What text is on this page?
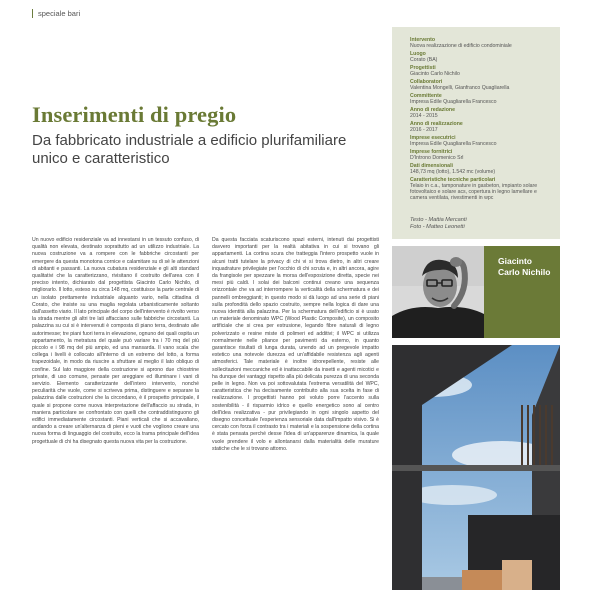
speciale bari
Inserimenti di pregio
Da fabbricato industriale a edificio plurifamiliare unico e caratteristico

Un nuovo edificio residenziale va ad innestarsi in un tessuto confuso, di qualità non elevata, destinato soprattutto ad un utilizzo industriale. La nuova costruzione va a rompere con le fabbriche circostanti per emergere da questa monotona cornice e calamitare su di sé le attenzioni di abitanti e passanti. La nuova cubatura residenziale e gli alti standard qualitativi che la caratterizzano, rivisitano il costruito dell'area con il preciso intento, dichiarato dal progettista Giacinto Carlo Nichilo, di migliorarlo. Il lotto, esteso su circa 148 mq, costituisce la parte centrale di un isolato prettamente industriale alquanto vario, nella cittadina di Corato, che insiste su una maglia regolata urbanisticamente soltanto dall'assetto viario. Il lato principale del corpo dell'intervento è rivolto verso la strada mentre gli altri tre lati affacciano sulle fabbriche circostanti. La palazzina su cui si è intervenuti è composta di piano terra, destinato alle autorimesse; tre piani fuori terra in elevazione, ognuno dei quali ospita un appartamento, la metratura del quale può variare tra i 70 mq del più piccolo e i 98 mq del più ampio, ed una mansarda. Il vano scala che collega i livelli è collocato all'interno di un estremo del lotto, a forma trapezoidale, in modo da riuscire a sfruttare al meglio il lato obliquo di confine. Sul lato maggiore della costruzione si aprono due chiostrine private, di uso comune, pensate per areggiare ed illuminare i vani di servizio. Elemento caratterizzante dell'intero intervento, nonché peculiarità che vuole, come si scriveva prima, distinguere e separare la palazzina dalle costruzioni che la circondano, è il prospetto principale, il quale si propone come nuova interpretazione dell'affaccio su strada, in maniera particolare se confrontato con quelli che contraddistinguono gli edifici immediatamente circostanti. Piani verticali che si accavallano, andando a creare un'alternanza di pieni e vuoti che vogliono creare una nuova forma di linguaggio del costruito, ecco la trama principale dell'idea progettuale di chi ha disegnato questa nuova vita per la costruzione.

Da questa facciata scaturiscono spazi esterni, intenuti dai progettisti davvero importanti per la realtà abitativa in cui si trovano gli appartamenti. La cortina scura che tratteggia l'intero prospetto vuole in alcuni tratti tutelare la privacy di chi vi si trova dietro, in altri creare inquadrature privilegiate per l'occhio di chi scruta e, in altri ancora, agire da frangisole per spezzare la morsa dell'esposizione diretta, specie nei mesi più caldi. I solai dei balconi continui creano una sequenza orizzontale che va ad interrompere la verticalità della schermatura e dei pannelli ombreggianti; in questo modo si dà luogo ad una serie di piani sulla profondità dello spazio costruito, sempre nella logica di dare una nuova identità alla palazzina. Per la schermatura dell'edificio si è usato un materiale denominato WPC (Wood Plastic Composite), un composito artificiale che si crea per estrusione, legando fibre naturali di legno polverizzato e resine miste di polimeri ed additivi; il WPC si utilizza normalmente nelle pliance per pavimenti da esterno, in quanto garantisce risultati di lunga durata, unendo ad un pregevole impatto estetico una notevole durezza ed un'affidabile resistenza agli agenti atmosferici. Tale materiale è inoltre idrorepellente, resiste alle sollecitazioni meccaniche ed è inattaccabile da insetti e agenti micotici e ha dunque dei vantaggi rispetto alla più delicata purezza di una seconda pelle in legno. Non va poi sottovalutata l'estrema versatilità del WPC, caratteristica che ha decisamente contribuito alla sua scelta in fase di realizzazione. I progettisti hanno poi voluto porre l'accento sulla sostenibilità - il risparmio idrico e quello energetico sono al centro dell'idea realizzativa - pur privilegiando in ogni singolo aspetto del disegno concettuale l'esperienza sensoriale data dall'impatto visivo. Si è cercato con forza il contrasto tra i materiali e la sospensione della cortina è stata pensata perché desse l'idea di un'apparenze dinamica, la quale vuole prendere il volo e allontanarsi dalla materialità delle murature statiche che le si trovano attorno.

Intervento
Nuova realizzazione di edificio condominiale
Luogo
Corato (BA)
Progettisti
Giacinto Carlo Nichilo
Collaboratori
Valentina Mongelli, Gianfranco Quagliarella
Committente
Impresa Edile Quagliarella Francesco
Anno di redazione
2014 - 2015
Anno di realizzazione
2016 - 2017
Imprese esecutrici
Impresa Edile Quagliarella Francesco
Imprese fornitrici
D'Introno Domenico Srl
Dati dimensionali
148,73 mq (lotto), 1.542 mc (volume)
Caratteristiche tecniche particolari
Telaio in c.a., tamponature in gasbeton, impianto solare fotovoltaico e solare acs, copertura in legno lamellare e camera ventilata, rivestimenti in wpc
Testo - Mattia Mercanti
Foto - Matteo Leonetti

Giacinto
Carlo Nichilo
